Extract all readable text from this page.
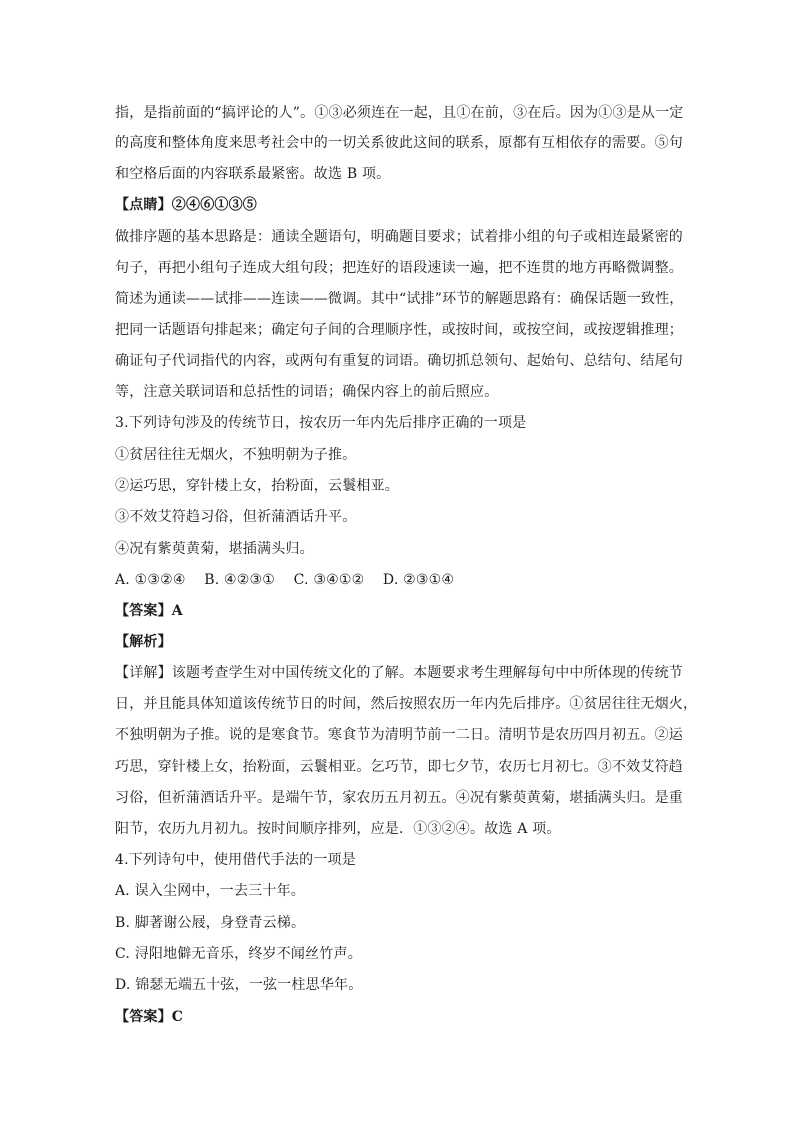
指，是指前面的“搞评论的人”。①③必须连在一起，且①在前，③在后。因为①③是从一定
的高度和整体角度来思考社会中的一切关系彼此这间的联系，原都有互相依存的需要。⑤句
和空格后面的内容联系最紧密。故选 B 项。
【点睛】②④⑥①③⑤
做排序题的基本思路是：通读全题语句，明确题目要求；试着排小组的句子或相连最紧密的
句子，再把小组句子连成大组句段；把连好的语段速读一遍，把不连贯的地方再略微调整。
简述为通读——试排——连读——微调。其中“试排”环节的解题思路有：确保话题一致性，
把同一话题语句排起来；确定句子间的合理顺序性，或按时间，或按空间，或按逻辑推理；
确证句子代词指代的内容，或两句有重复的词语。确切抓总领句、起始句、总结句、结尾句
等，注意关联词语和总括性的词语；确保内容上的前后照应。
3.下列诗句涉及的传统节日，按农历一年内先后排序正确的一项是
①贫居往往无烟火，不独明朝为子推。
②运巧思，穿针楼上女，抬粉面，云鬟相亚。
③不效艾符趋习俗，但祈蒲酒话升平。
④况有紫萸黄菊，堪插满头归。
A. ①③②④    B. ④②③①    C. ③④①②    D. ②③①④
【答案】A
【解析】
【详解】该题考查学生对中国传统文化的了解。本题要求考生理解每句中中所体现的传统节
日，并且能具体知道该传统节日的时间，然后按照农历一年内先后排序。①贫居往往无烟火，
不独明朝为子推。说的是寒食节。寒食节为清明节前一二日。清明节是农历四月初五。②运
巧思，穿针楼上女，抬粉面，云鬟相亚。乞巧节，即七夕节，农历七月初七。③不效艾符趋
习俗，但祈蒲酒话升平。是端午节，家农历五月初五。④况有紫萸黄菊，堪插满头归。是重
阳节，农历九月初九。按时间顺序排列，应是．①③②④。故选 A 项。
4.下列诗句中，使用借代手法的一项是
A. 误入尘网中，一去三十年。
B. 脚著谢公屐，身登青云梯。
C. 浔阳地僻无音乐，终岁不闻丝竹声。
D. 锦瑟无端五十弦，一弦一柱思华年。
【答案】C
